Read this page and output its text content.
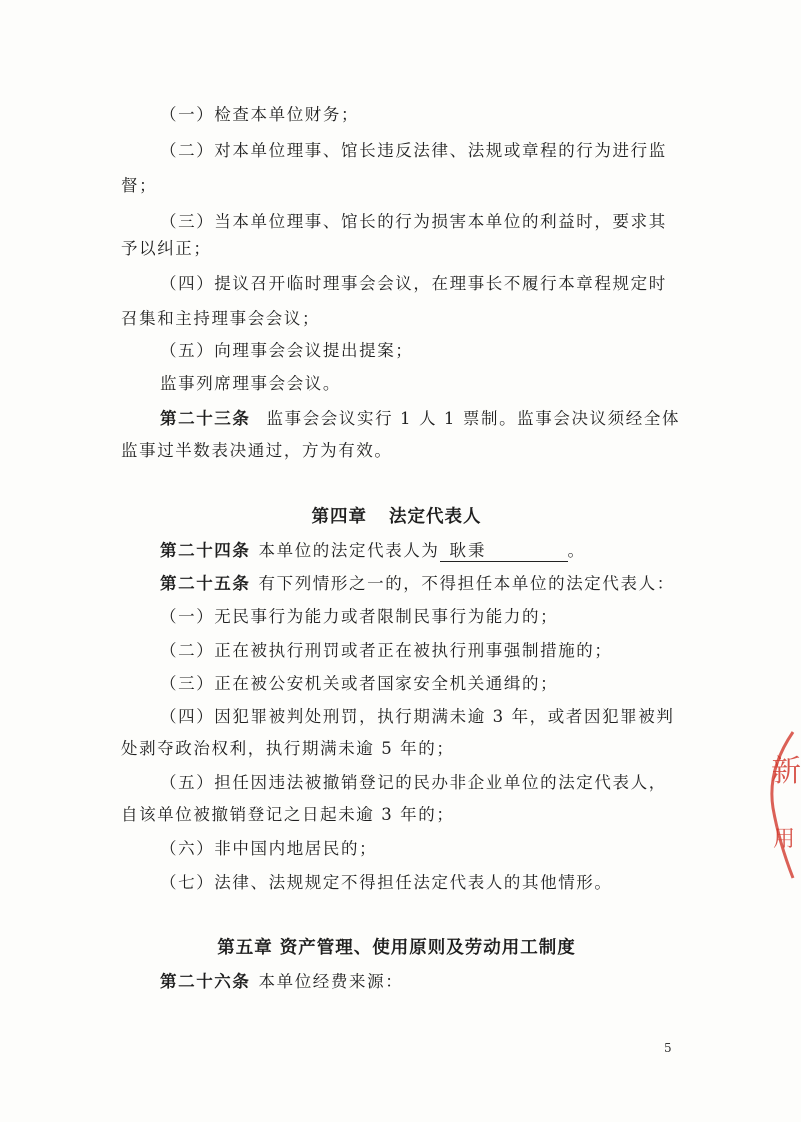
（一）检查本单位财务；
（二）对本单位理事、馆长违反法律、法规或章程的行为进行监
督；
（三）当本单位理事、馆长的行为损害本单位的利益时，要求其
予以纠正；
（四）提议召开临时理事会会议，在理事长不履行本章程规定时
召集和主持理事会会议；
（五）向理事会会议提出提案；
监事列席理事会会议。
第二十三条 监事会会议实行 1 人 1 票制。监事会决议须经全体
监事过半数表决通过，方为有效。
第四章 法定代表人
第二十四条 本单位的法定代表人为 耿秉	。
第二十五条 有下列情形之一的，不得担任本单位的法定代表人：
（一）无民事行为能力或者限制民事行为能力的；
（二）正在被执行刑罚或者正在被执行刑事强制措施的；
（三）正在被公安机关或者国家安全机关通缉的；
（四）因犯罪被判处刑罚，执行期满未逾 3 年，或者因犯罪被判
处剥夺政治权利，执行期满未逾 5 年的；
（五）担任因违法被撤销登记的民办非企业单位的法定代表人，
自该单位被撤销登记之日起未逾 3 年的；
（六）非中国内地居民的；
（七）法律、法规规定不得担任法定代表人的其他情形。
第五章 资产管理、使用原则及劳动用工制度
第二十六条 本单位经费来源：
5
新
用
